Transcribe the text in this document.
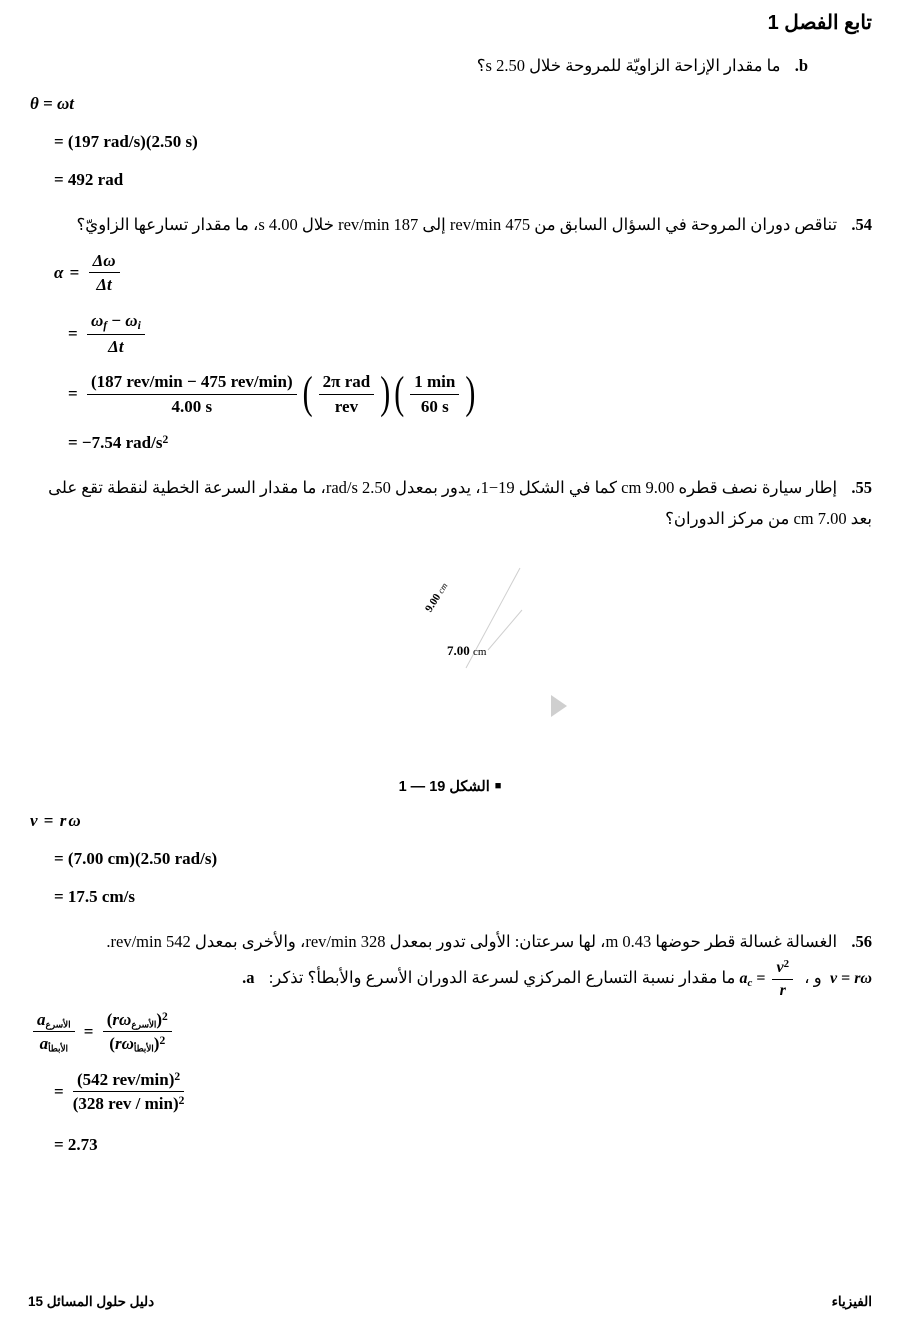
تابع الفصل 1
b.  ما مقدار الإزاحة الزاويّة للمروحة خلال 2.50 s؟
θ = ωt
= (197 rad/s)(2.50 s)
= 492 rad
54.  تناقص دوران المروحة في السؤال السابق من 475 rev/min إلى 187 rev/min خلال 4.00 s، ما مقدار تسارعها الزاويّ؟
$\alpha = \frac{\Delta\omega}{\Delta t}$
= $\frac{\omega_f - \omega_i}{\Delta t}$
= $\frac{\text{(187 rev/min − 475 rev/min)}}{4.00 s}$ ( $\frac{\text{2π rad}}{\text{rev}}$ ) ( $\frac{1 \min}{60 s}$ )
= −7.54 rad/$s^2$
55.  إطار سيارة نصف قطره 9.00 cm كما في الشكل 19−1، يدور بمعدل 2.50 rad/s، ما مقدار السرعة الخطية لنقطة تقع على بعد 7.00 cm من مركز الدوران؟
9.00 cm
7.00 cm
■الشكل 19 — 1
v = r ω
= (7.00 cm)(2.50 rad/s)
= 17.5 cm/s
56.  الغسالة غسالة قطر حوضها 0.43 m، لها سرعتان: الأولى تدور بمعدل 328 rev/min، والأخرى بمعدل 542 rev/min.
v = rω  و ،  $a_c = \frac{v^2}{r}$
ما مقدار نسبة التسارع المركزي لسرعة الدوران الأسرع والأبطأ؟ تذكر:  a.
$\frac{\text{aالأسرع}}{\text{aالأبطأ}} = \frac{(r\omega الأسرع)^2}{(r\omega الأبطأ)^2}$
= $\frac{(542 rev/\min)^2}{(328 rev / \min)^2}$
= 2.73
دليل حلول المسائل 15	الفيزياء
